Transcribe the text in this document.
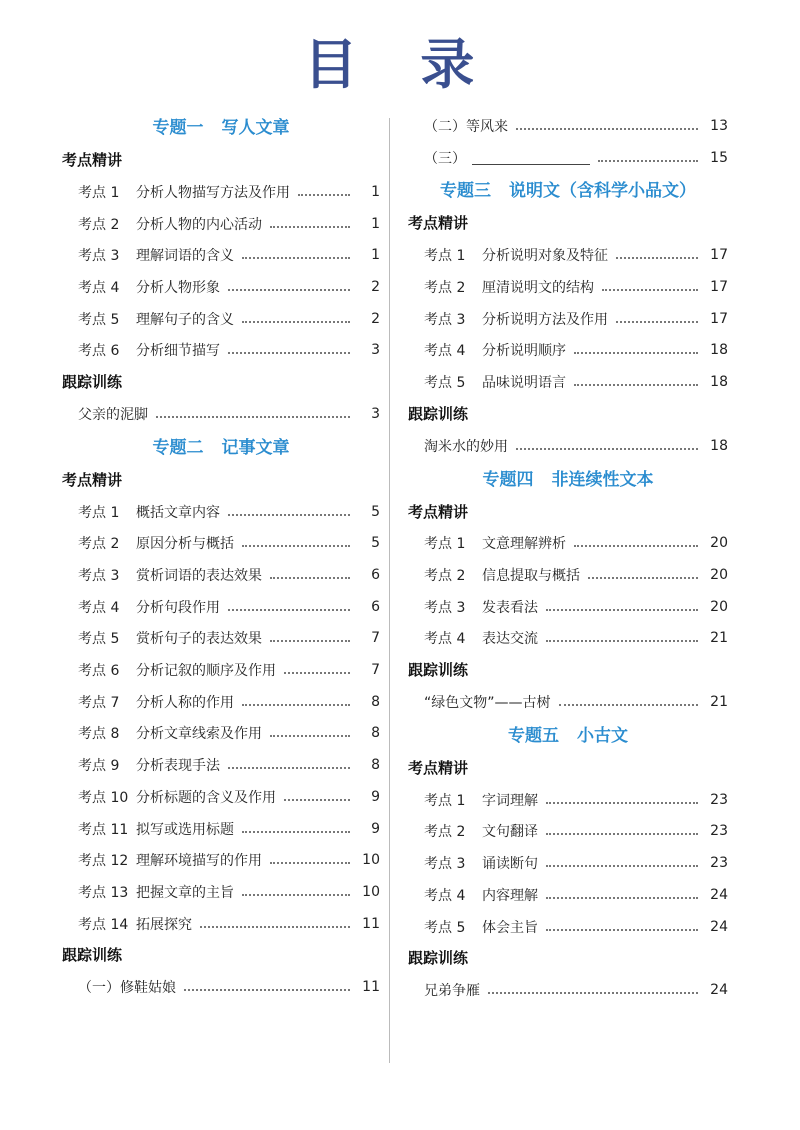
目 录
专题一 写人文章
考点精讲
考点 1	分析人物描写方法及作用	1
考点 2	分析人物的内心活动	1
考点 3	理解词语的含义	1
考点 4	分析人物形象	2
考点 5	理解句子的含义	2
考点 6	分析细节描写	3
跟踪训练
父亲的泥脚	3
专题二 记事文章
考点精讲
考点 1	概括文章内容	5
考点 2	原因分析与概括	5
考点 3	赏析词语的表达效果	6
考点 4	分析句段作用	6
考点 5	赏析句子的表达效果	7
考点 6	分析记叙的顺序及作用	7
考点 7	分析人称的作用	8
考点 8	分析文章线索及作用	8
考点 9	分析表现手法	8
考点 10 分析标题的含义及作用	9
考点 11 拟写或选用标题	9
考点 12 理解环境描写的作用	10
考点 13 把握文章的主旨	10
考点 14 拓展探究	11
跟踪训练
（一）修鞋姑娘	11
（二）等风来	13
（三）	15
专题三 说明文（含科学小品文）
考点精讲
考点 1	分析说明对象及特征	17
考点 2	厘清说明文的结构	17
考点 3	分析说明方法及作用	17
考点 4	分析说明顺序	18
考点 5	品味说明语言	18
跟踪训练
淘米水的妙用	18
专题四 非连续性文本
考点精讲
考点 1	文意理解辨析	20
考点 2	信息提取与概括	20
考点 3	发表看法	20
考点 4	表达交流	21
跟踪训练
“绿色文物”——古树	21
专题五 小古文
考点精讲
考点 1	字词理解	23
考点 2	文句翻译	23
考点 3	诵读断句	23
考点 4	内容理解	24
考点 5	体会主旨	24
跟踪训练
兄弟争雁	24
